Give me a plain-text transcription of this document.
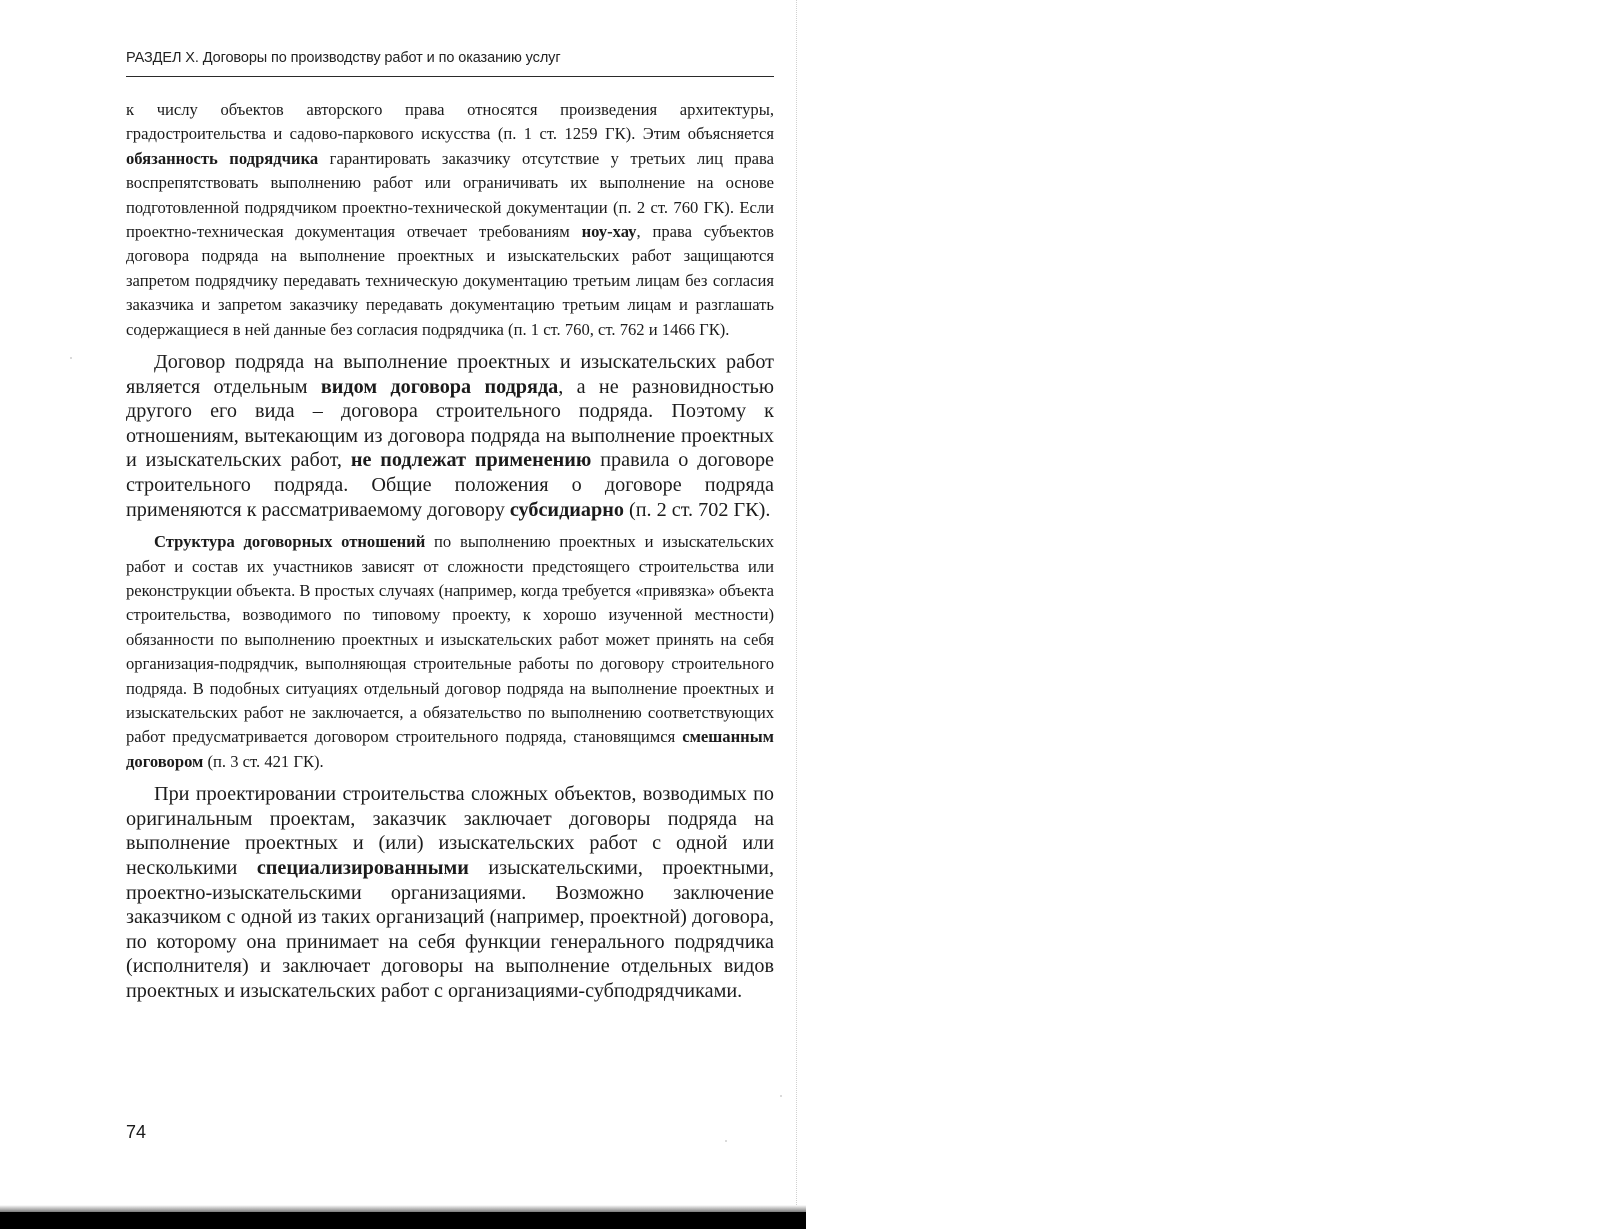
РАЗДЕЛ X. Договоры по производству работ и по оказанию услуг

к числу объектов авторского права относятся произведения архитектуры, градостроительства и садово-паркового искусства (п. 1 ст. 1259 ГК). Этим объясняется обязанность подрядчика гарантировать заказчику отсутствие у третьих лиц права воспрепятствовать выполнению работ или ограничивать их выполнение на основе подготовленной подрядчиком проектно-технической документации (п. 2 ст. 760 ГК). Если проектно-техническая документация отвечает требованиям ноу-хау, права субъектов договора подряда на выполнение проектных и изыскательских работ защищаются запретом подрядчику передавать техническую документацию третьим лицам без согласия заказчика и запретом заказчику передавать документацию третьим лицам и разглашать содержащиеся в ней данные без согласия подрядчика (п. 1 ст. 760, ст. 762 и 1466 ГК).

Договор подряда на выполнение проектных и изыскательских работ является отдельным видом договора подряда, а не разновидностью другого его вида – договора строительного подряда. Поэтому к отношениям, вытекающим из договора подряда на выполнение проектных и изыскательских работ, не подлежат применению правила о договоре строительного подряда. Общие положения о договоре подряда применяются к рассматриваемому договору субсидиарно (п. 2 ст. 702 ГК).

Структура договорных отношений по выполнению проектных и изыскательских работ и состав их участников зависят от сложности предстоящего строительства или реконструкции объекта. В простых случаях (например, когда требуется «привязка» объекта строительства, возводимого по типовому проекту, к хорошо изученной местности) обязанности по выполнению проектных и изыскательских работ может принять на себя организация-подрядчик, выполняющая строительные работы по договору строительного подряда. В подобных ситуациях отдельный договор подряда на выполнение проектных и изыскательских работ не заключается, а обязательство по выполнению соответствующих работ предусматривается договором строительного подряда, становящимся смешанным договором (п. 3 ст. 421 ГК).

При проектировании строительства сложных объектов, возводимых по оригинальным проектам, заказчик заключает договоры подряда на выполнение проектных и (или) изыскательских работ с одной или несколькими специализированными изыскательскими, проектными, проектно-изыскательскими организациями. Возможно заключение заказчиком с одной из таких организаций (например, проектной) договора, по которому она принимает на себя функции генерального подрядчика (исполнителя) и заключает договоры на выполнение отдельных видов проектных и изыскательских работ с организациями-субподрядчиками.

74
